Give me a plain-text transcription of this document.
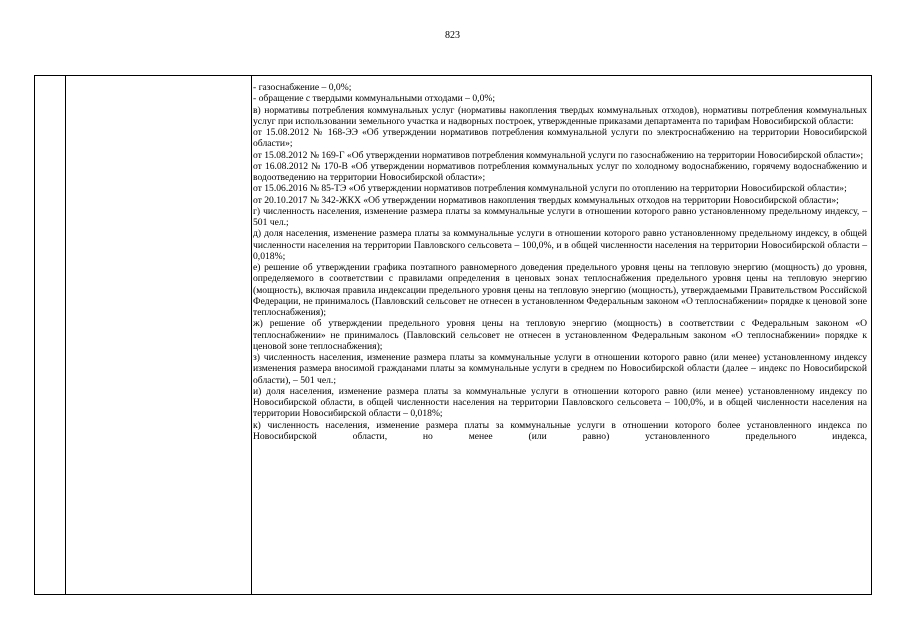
823

- газоснабжение – 0,0%;

- обращение с твердыми коммунальными отходами – 0,0%;

в) нормативы потребления коммунальных услуг (нормативы накопления твердых коммунальных отходов), нормативы потребления коммунальных услуг при использовании земельного участка и надворных построек, утвержденные приказами департамента по тарифам Новосибирской области:

от 15.08.2012 № 168-ЭЭ «Об утверждении нормативов потребления коммунальной услуги по электроснабжению на территории Новосибирской области»;

от 15.08.2012 № 169-Г «Об утверждении нормативов потребления коммунальной услуги по газоснабжению на территории Новосибирской области»;

от 16.08.2012 № 170-В «Об утверждении нормативов потребления коммунальных услуг по холодному водоснабжению, горячему водоснабжению и водоотведению на территории Новосибирской области»;

от 15.06.2016 № 85-ТЭ «Об утверждении нормативов потребления коммунальной услуги по отоплению на территории Новосибирской области»;

от 20.10.2017 № 342-ЖКХ «Об утверждении нормативов накопления твердых коммунальных отходов на территории Новосибирской области»;

г) численность населения, изменение размера платы за коммунальные услуги в отношении которого равно установленному предельному индексу, – 501 чел.;

д) доля населения, изменение размера платы за коммунальные услуги в отношении которого равно установленному предельному индексу, в общей численности населения на территории Павловского сельсовета – 100,0%, и в общей численности населения на территории Новосибирской области – 0,018%;

е) решение об утверждении графика поэтапного равномерного доведения предельного уровня цены на тепловую энергию (мощность) до уровня, определяемого в соответствии с правилами определения в ценовых зонах теплоснабжения предельного уровня цены на тепловую энергию (мощность), включая правила индексации предельного уровня цены на тепловую энергию (мощность), утверждаемыми Правительством Российской Федерации, не принималось (Павловский сельсовет не отнесен в установленном Федеральным законом «О теплоснабжении» порядке к ценовой зоне теплоснабжения);

ж) решение об утверждении предельного уровня цены на тепловую энергию (мощность) в соответствии с Федеральным законом «О теплоснабжении» не принималось (Павловский сельсовет не отнесен в установленном Федеральным законом «О теплоснабжении» порядке к ценовой зоне теплоснабжения);

з) численность населения, изменение размера платы за коммунальные услуги в отношении которого равно (или менее) установленному индексу изменения размера вносимой гражданами платы за коммунальные услуги в среднем по Новосибирской области (далее – индекс по Новосибирской области), – 501 чел.;

и) доля населения, изменение размера платы за коммунальные услуги в отношении которого равно (или менее) установленному индексу по Новосибирской области, в общей численности населения на территории Павловского сельсовета – 100,0%, и в общей численности населения на территории Новосибирской области – 0,018%;

к) численность населения, изменение размера платы за коммунальные услуги в отношении которого более установленного индекса по Новосибирской области, но менее (или равно) установленного предельного индекса,
